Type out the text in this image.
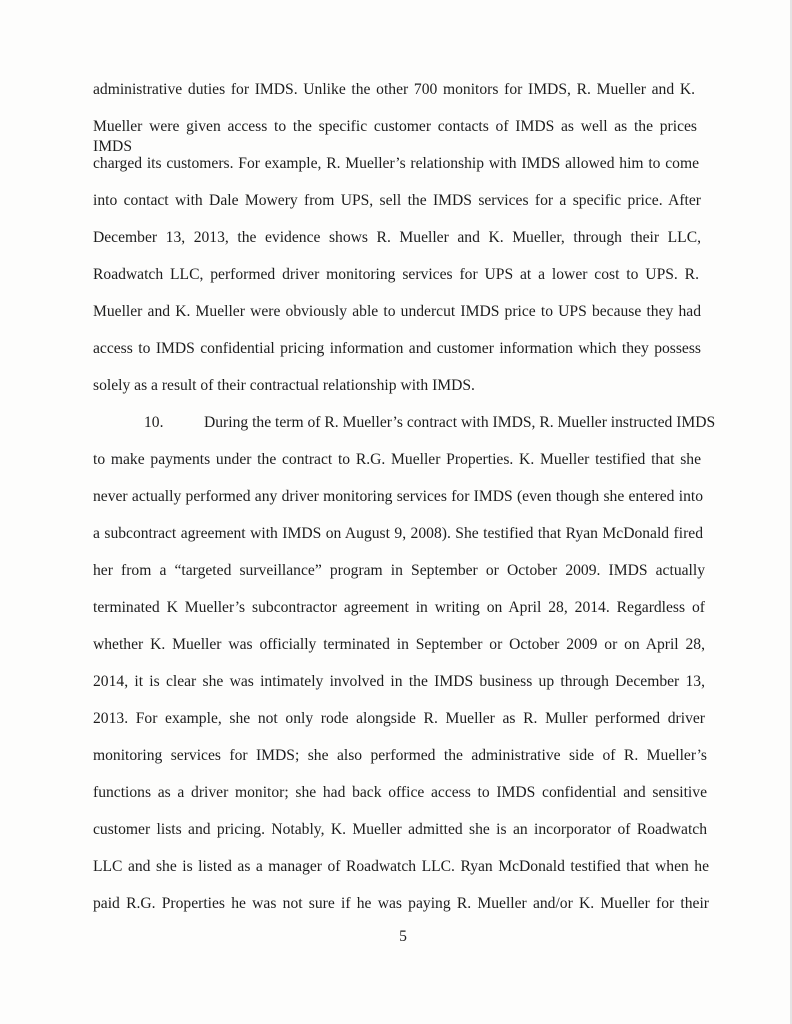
administrative duties for IMDS. Unlike the other 700 monitors for IMDS, R. Mueller and K.
Mueller were given access to the specific customer contacts of IMDS as well as the prices IMDS
charged its customers. For example, R. Mueller’s relationship with IMDS allowed him to come
into contact with Dale Mowery from UPS, sell the IMDS services for a specific price. After
December 13, 2013, the evidence shows R. Mueller and K. Mueller, through their LLC,
Roadwatch LLC, performed driver monitoring services for UPS at a lower cost to UPS. R.
Mueller and K. Mueller were obviously able to undercut IMDS price to UPS because they had
access to IMDS confidential pricing information and customer information which they possess
solely as a result of their contractual relationship with IMDS.
10.	During the term of R. Mueller’s contract with IMDS, R. Mueller instructed IMDS
to make payments under the contract to R.G. Mueller Properties. K. Mueller testified that she
never actually performed any driver monitoring services for IMDS (even though she entered into
a subcontract agreement with IMDS on August 9, 2008). She testified that Ryan McDonald fired
her from a “targeted surveillance” program in September or October 2009. IMDS actually
terminated K Mueller’s subcontractor agreement in writing on April 28, 2014. Regardless of
whether K. Mueller was officially terminated in September or October 2009 or on April 28,
2014, it is clear she was intimately involved in the IMDS business up through December 13,
2013. For example, she not only rode alongside R. Mueller as R. Muller performed driver
monitoring services for IMDS; she also performed the administrative side of R. Mueller’s
functions as a driver monitor; she had back office access to IMDS confidential and sensitive
customer lists and pricing. Notably, K. Mueller admitted she is an incorporator of Roadwatch
LLC and she is listed as a manager of Roadwatch LLC. Ryan McDonald testified that when he
paid R.G. Properties he was not sure if he was paying R. Mueller and/or K. Mueller for their
5
